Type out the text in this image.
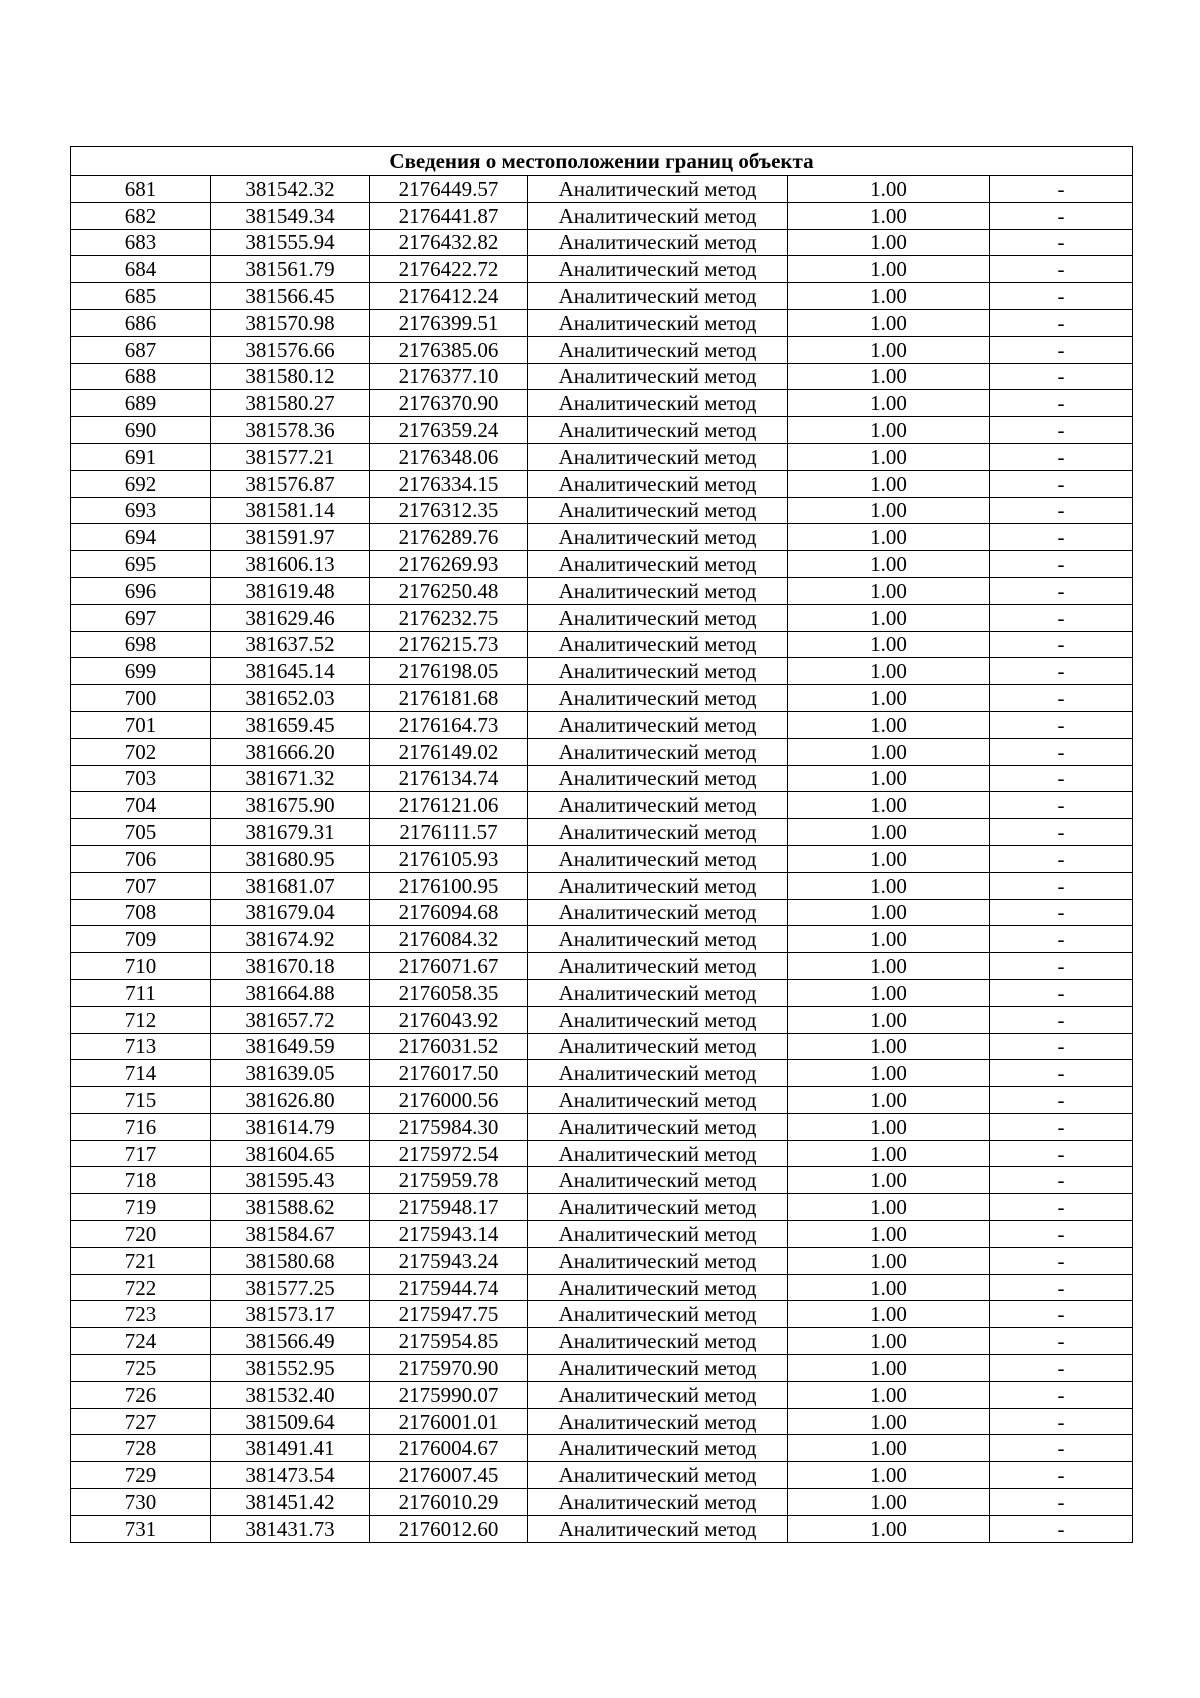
Сведения о местоположении границ объекта					
681	381542.32	2176449.57	Аналитический метод	1.00	-
682	381549.34	2176441.87	Аналитический метод	1.00	-
683	381555.94	2176432.82	Аналитический метод	1.00	-
684	381561.79	2176422.72	Аналитический метод	1.00	-
685	381566.45	2176412.24	Аналитический метод	1.00	-
686	381570.98	2176399.51	Аналитический метод	1.00	-
687	381576.66	2176385.06	Аналитический метод	1.00	-
688	381580.12	2176377.10	Аналитический метод	1.00	-
689	381580.27	2176370.90	Аналитический метод	1.00	-
690	381578.36	2176359.24	Аналитический метод	1.00	-
691	381577.21	2176348.06	Аналитический метод	1.00	-
692	381576.87	2176334.15	Аналитический метод	1.00	-
693	381581.14	2176312.35	Аналитический метод	1.00	-
694	381591.97	2176289.76	Аналитический метод	1.00	-
695	381606.13	2176269.93	Аналитический метод	1.00	-
696	381619.48	2176250.48	Аналитический метод	1.00	-
697	381629.46	2176232.75	Аналитический метод	1.00	-
698	381637.52	2176215.73	Аналитический метод	1.00	-
699	381645.14	2176198.05	Аналитический метод	1.00	-
700	381652.03	2176181.68	Аналитический метод	1.00	-
701	381659.45	2176164.73	Аналитический метод	1.00	-
702	381666.20	2176149.02	Аналитический метод	1.00	-
703	381671.32	2176134.74	Аналитический метод	1.00	-
704	381675.90	2176121.06	Аналитический метод	1.00	-
705	381679.31	2176111.57	Аналитический метод	1.00	-
706	381680.95	2176105.93	Аналитический метод	1.00	-
707	381681.07	2176100.95	Аналитический метод	1.00	-
708	381679.04	2176094.68	Аналитический метод	1.00	-
709	381674.92	2176084.32	Аналитический метод	1.00	-
710	381670.18	2176071.67	Аналитический метод	1.00	-
711	381664.88	2176058.35	Аналитический метод	1.00	-
712	381657.72	2176043.92	Аналитический метод	1.00	-
713	381649.59	2176031.52	Аналитический метод	1.00	-
714	381639.05	2176017.50	Аналитический метод	1.00	-
715	381626.80	2176000.56	Аналитический метод	1.00	-
716	381614.79	2175984.30	Аналитический метод	1.00	-
717	381604.65	2175972.54	Аналитический метод	1.00	-
718	381595.43	2175959.78	Аналитический метод	1.00	-
719	381588.62	2175948.17	Аналитический метод	1.00	-
720	381584.67	2175943.14	Аналитический метод	1.00	-
721	381580.68	2175943.24	Аналитический метод	1.00	-
722	381577.25	2175944.74	Аналитический метод	1.00	-
723	381573.17	2175947.75	Аналитический метод	1.00	-
724	381566.49	2175954.85	Аналитический метод	1.00	-
725	381552.95	2175970.90	Аналитический метод	1.00	-
726	381532.40	2175990.07	Аналитический метод	1.00	-
727	381509.64	2176001.01	Аналитический метод	1.00	-
728	381491.41	2176004.67	Аналитический метод	1.00	-
729	381473.54	2176007.45	Аналитический метод	1.00	-
730	381451.42	2176010.29	Аналитический метод	1.00	-
731	381431.73	2176012.60	Аналитический метод	1.00	-
